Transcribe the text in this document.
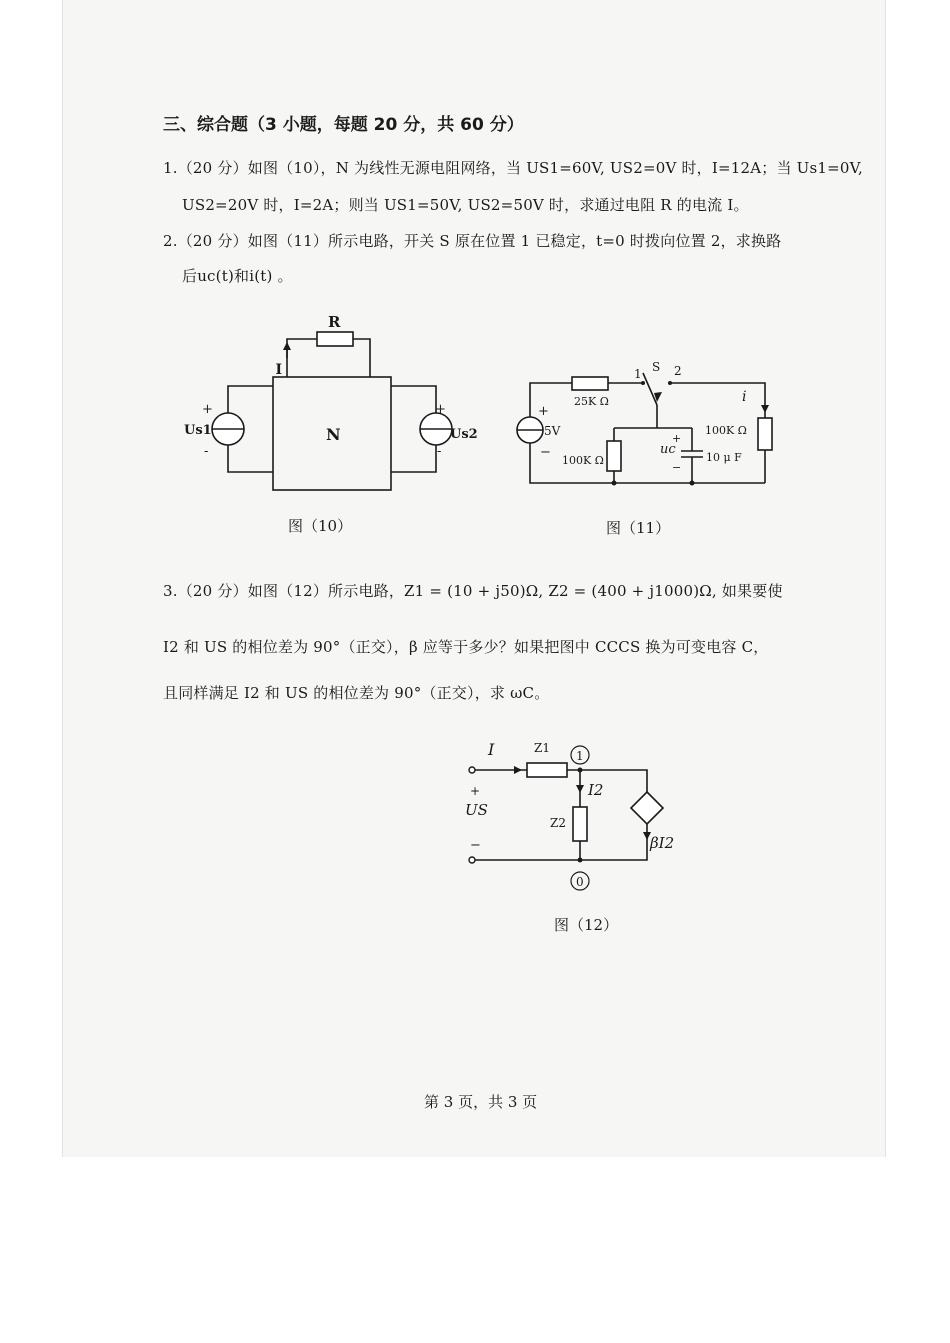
三、综合题（3 小题，每题 20 分，共 60 分）
1.（20 分）如图（10），N 为线性无源电阻网络，当 US1=60V, US2=0V 时，I=12A；当 Us1=0V,
US2=20V 时，I=2A；则当 US1=50V, US2=50V 时，求通过电阻 R 的电流 I。
2.（20 分）如图（11）所示电路，开关 S 原在位置 1 已稳定，t=0 时拨向位置 2，求换路
后uc(t)和i(t) 。
R
I
N
Us1	Us2
+
-
+
-
图（10）
25K Ω
5V
+
−
1 S 2
i
100K Ω
100K Ω
uc
+
−
10 μ F
图（11）
3.（20 分）如图（12）所示电路，Z1 = (10 + j50)Ω, Z2 = (400 + j1000)Ω, 如果要使
I2 和 US 的相位差为 90°（正交），β 应等于多少？如果把图中 CCCS 换为可变电容 C，
且同样满足 I2 和 US 的相位差为 90°（正交），求 ωC。
I	Z1
1
I2
Z2
βI2
US
+
−
0
图（12）
第 3 页，共 3 页
